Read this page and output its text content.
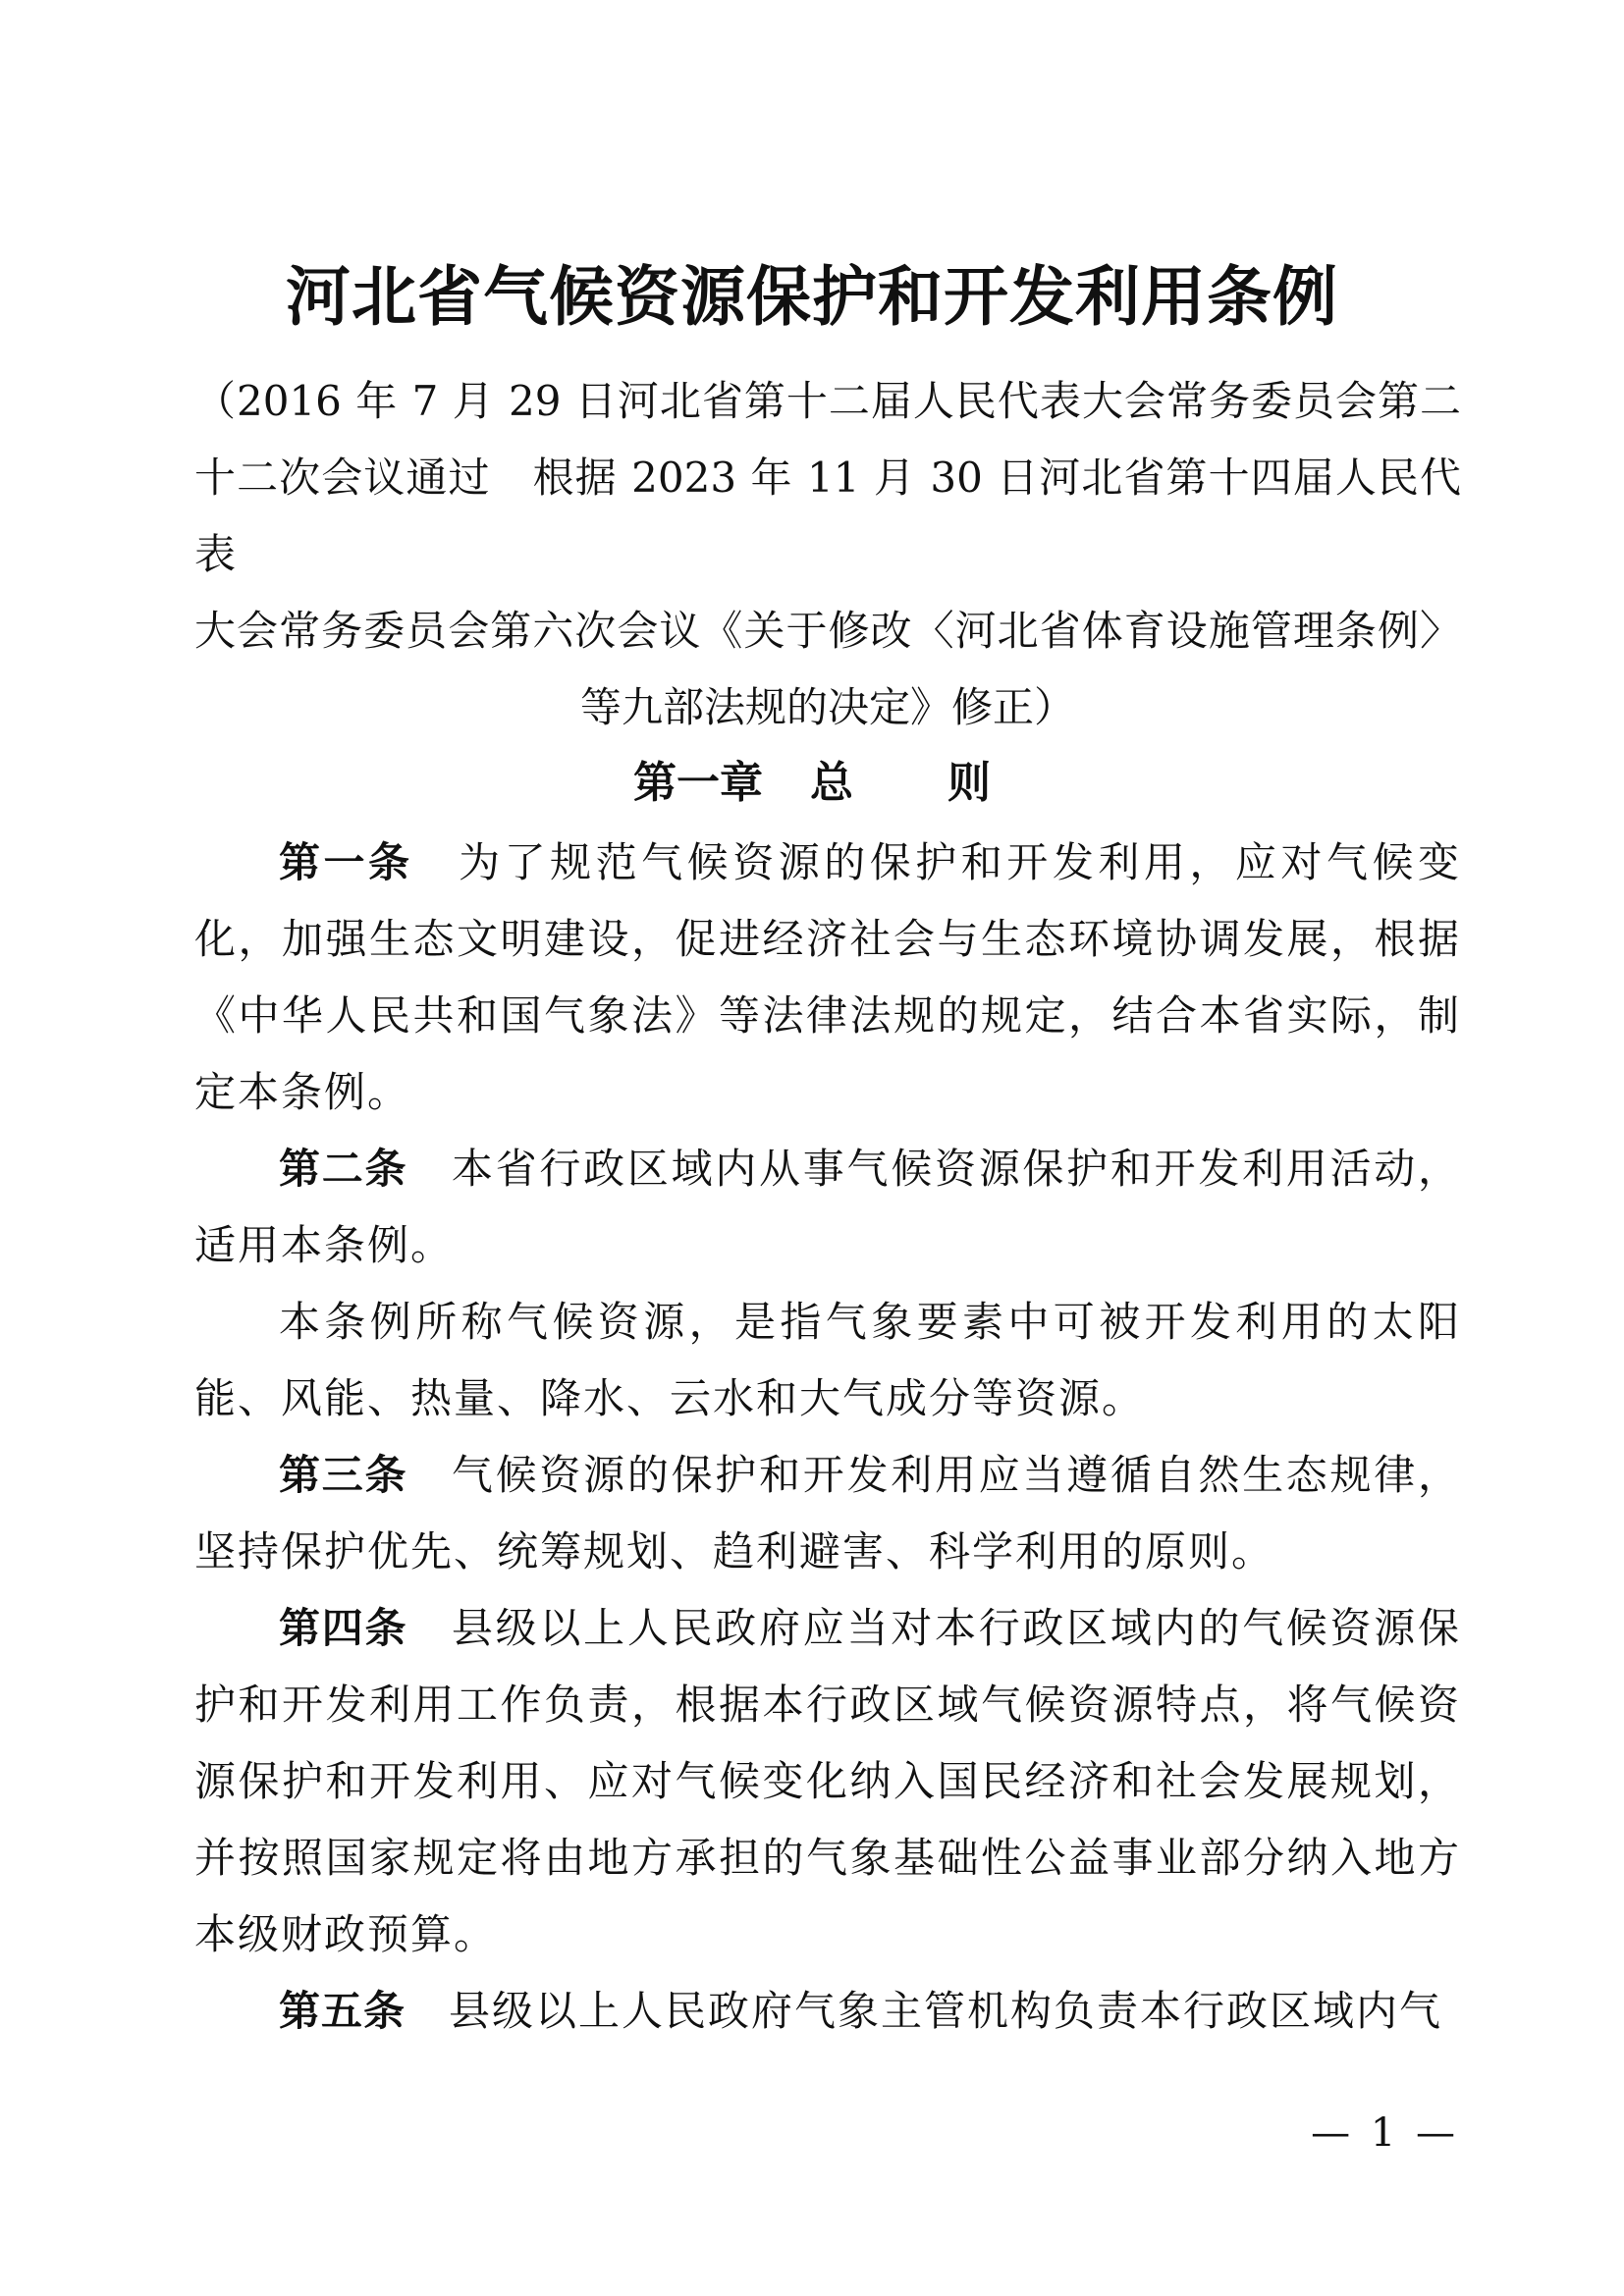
河北省气候资源保护和开发利用条例
（2016 年 7 月 29 日河北省第十二届人民代表大会常务委员会第二
十二次会议通过　根据 2023 年 11 月 30 日河北省第十四届人民代表
大会常务委员会第六次会议《关于修改〈河北省体育设施管理条例〉
等九部法规的决定》修正）
第一章 总 则

第一条 为了规范气候资源的保护和开发利用，应对气候变化，加强生态文明建设，促进经济社会与生态环境协调发展，根据《中华人民共和国气象法》等法律法规的规定，结合本省实际，制定本条例。

第二条 本省行政区域内从事气候资源保护和开发利用活动，适用本条例。

本条例所称气候资源，是指气象要素中可被开发利用的太阳能、风能、热量、降水、云水和大气成分等资源。

第三条 气候资源的保护和开发利用应当遵循自然生态规律，坚持保护优先、统筹规划、趋利避害、科学利用的原则。

第四条 县级以上人民政府应当对本行政区域内的气候资源保护和开发利用工作负责，根据本行政区域气候资源特点，将气候资源保护和开发利用、应对气候变化纳入国民经济和社会发展规划，并按照国家规定将由地方承担的气象基础性公益事业部分纳入地方本级财政预算。

第五条 县级以上人民政府气象主管机构负责本行政区域内气

— 1 —
